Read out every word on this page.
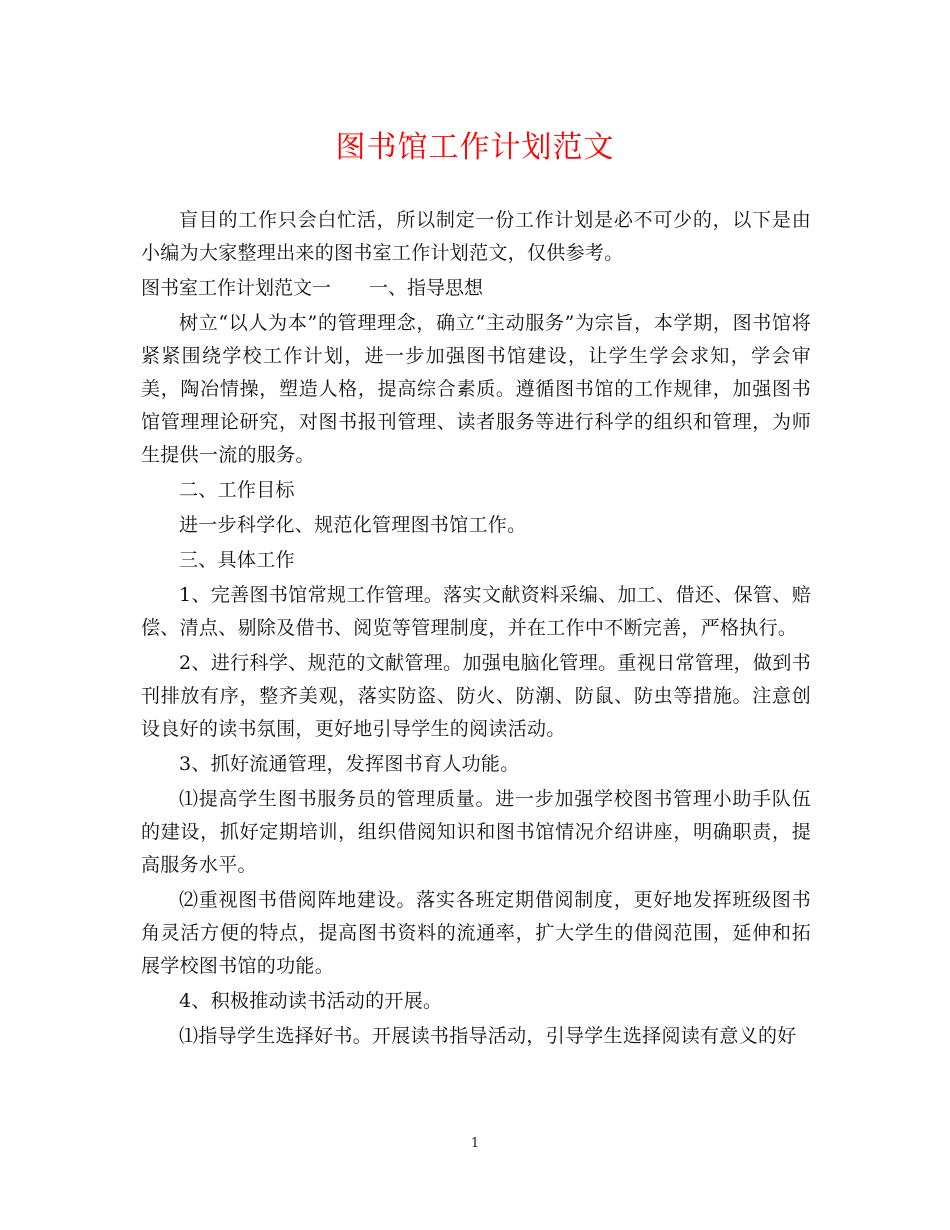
图书馆工作计划范文

盲目的工作只会白忙活，所以制定一份工作计划是必不可少的，以下是由小编为大家整理出来的图书室工作计划范文，仅供参考。

图书室工作计划范文一 一、指导思想

树立“以人为本”的管理理念，确立“主动服务”为宗旨，本学期，图书馆将紧紧围绕学校工作计划，进一步加强图书馆建设，让学生学会求知，学会审美，陶冶情操，塑造人格，提高综合素质。遵循图书馆的工作规律，加强图书馆管理理论研究，对图书报刊管理、读者服务等进行科学的组织和管理，为师生提供一流的服务。

二、工作目标

进一步科学化、规范化管理图书馆工作。

三、具体工作

1、完善图书馆常规工作管理。落实文献资料采编、加工、借还、保管、赔偿、清点、剔除及借书、阅览等管理制度，并在工作中不断完善，严格执行。

2、进行科学、规范的文献管理。加强电脑化管理。重视日常管理，做到书刊排放有序，整齐美观，落实防盗、防火、防潮、防鼠、防虫等措施。注意创设良好的读书氛围，更好地引导学生的阅读活动。

3、抓好流通管理，发挥图书育人功能。

⑴提高学生图书服务员的管理质量。进一步加强学校图书管理小助手队伍的建设，抓好定期培训，组织借阅知识和图书馆情况介绍讲座，明确职责，提高服务水平。

⑵重视图书借阅阵地建设。落实各班定期借阅制度，更好地发挥班级图书角灵活方便的特点，提高图书资料的流通率，扩大学生的借阅范围，延伸和拓展学校图书馆的功能。

4、积极推动读书活动的开展。

⑴指导学生选择好书。开展读书指导活动，引导学生选择阅读有意义的好

1
